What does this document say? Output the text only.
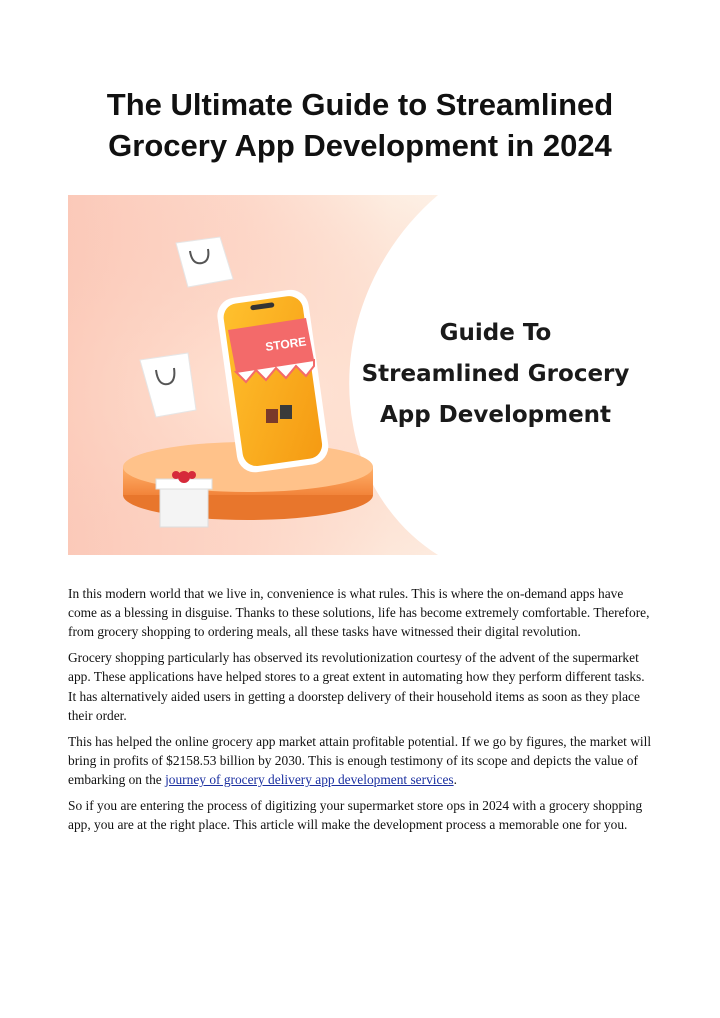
The Ultimate Guide to Streamlined Grocery App Development in 2024
STORE	Guide To
Streamlined Grocery
App Development

In this modern world that we live in, convenience is what rules. This is where the on-demand apps have come as a blessing in disguise. Thanks to these solutions, life has become extremely comfortable. Therefore, from grocery shopping to ordering meals, all these tasks have witnessed their digital revolution.

Grocery shopping particularly has observed its revolutionization courtesy of the advent of the supermarket app. These applications have helped stores to a great extent in automating how they perform different tasks. It has alternatively aided users in getting a doorstep delivery of their household items as soon as they place their order.

This has helped the online grocery app market attain profitable potential. If we go by figures, the market will bring in profits of $2158.53 billion by 2030. This is enough testimony of its scope and depicts the value of embarking on the journey of grocery delivery app development services.

So if you are entering the process of digitizing your supermarket store ops in 2024 with a grocery shopping app, you are at the right place. This article will make the development process a memorable one for you.
